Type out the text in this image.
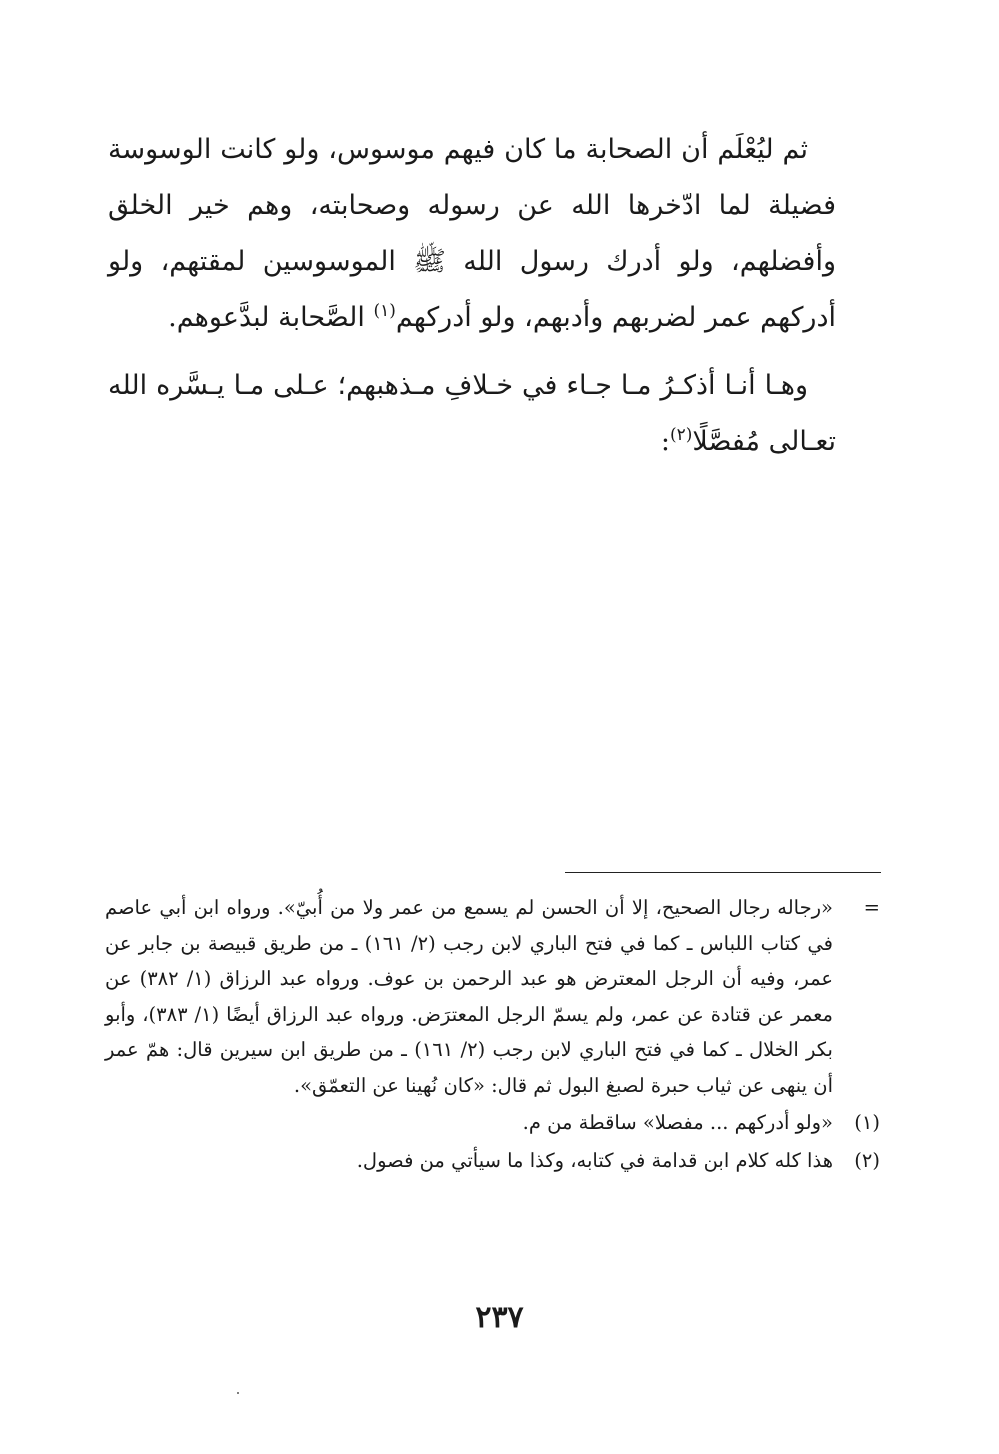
ثم ليُعْلَم أن الصحابة ما كان فيهم موسوس، ولو كانت الوسوسة فضيلة لما ادّخرها الله عن رسوله وصحابته، وهم خير الخلق وأفضلهم، ولو أدرك رسول الله ﷺ الموسوسين لمقتهم، ولو أدركهم عمر لضربهم وأدبهم، ولو أدركهم$^{(١)}$ الصَّحابة لبدَّعوهم.

وهـا أنـا أذكـرُ مـا جـاء في خـلافِ مـذهبهم؛ عـلى مـا يـسَّره الله تعـالى مُفصَّلًا$^{(٢)}$:

=
«رجاله رجال الصحيح، إلا أن الحسن لم يسمع من عمر ولا من أُبيّ». ورواه ابن أبي عاصم في كتاب اللباس ـ كما في فتح الباري لابن رجب (٢/ ١٦١) ـ من طريق قبيصة بن جابر عن عمر، وفيه أن الرجل المعترض هو عبد الرحمن بن عوف. ورواه عبد الرزاق (١/ ٣٨٢) عن معمر عن قتادة عن عمر، ولم يسمّ الرجل المعترَض. ورواه عبد الرزاق أيضًا (١/ ٣٨٣)، وأبو بكر الخلال ـ كما في فتح الباري لابن رجب (٢/ ١٦١) ـ من طريق ابن سيرين قال: همّ عمر أن ينهى عن ثياب حبرة لصبغ البول ثم قال: «كان نُهينا عن التعمّق».
(١)
«ولو أدركهم ... مفصلا» ساقطة من م.
(٢)
هذا كله كلام ابن قدامة في كتابه، وكذا ما سيأتي من فصول.
٢٣٧
